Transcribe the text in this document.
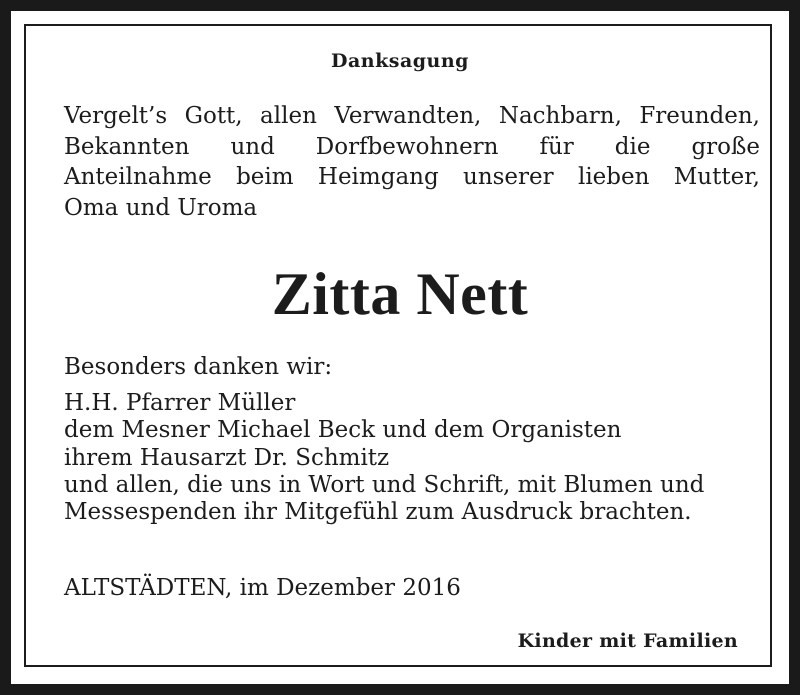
Danksagung

Vergelt’s Gott, allen Verwandten, Nachbarn, Freunden,
Bekannten und Dorfbewohnern für die große
Anteilnahme beim Heimgang unserer lieben Mutter,
Oma und Uroma

Zitta Nett
Besonders danken wir:
H.H. Pfarrer Müller
dem Mesner Michael Beck und dem Organisten
ihrem Hausarzt Dr. Schmitz
und allen, die uns in Wort und Schrift, mit Blumen und
Messespenden ihr Mitgefühl zum Ausdruck brachten.
ALTSTÄDTEN, im Dezember 2016
Kinder mit Familien
